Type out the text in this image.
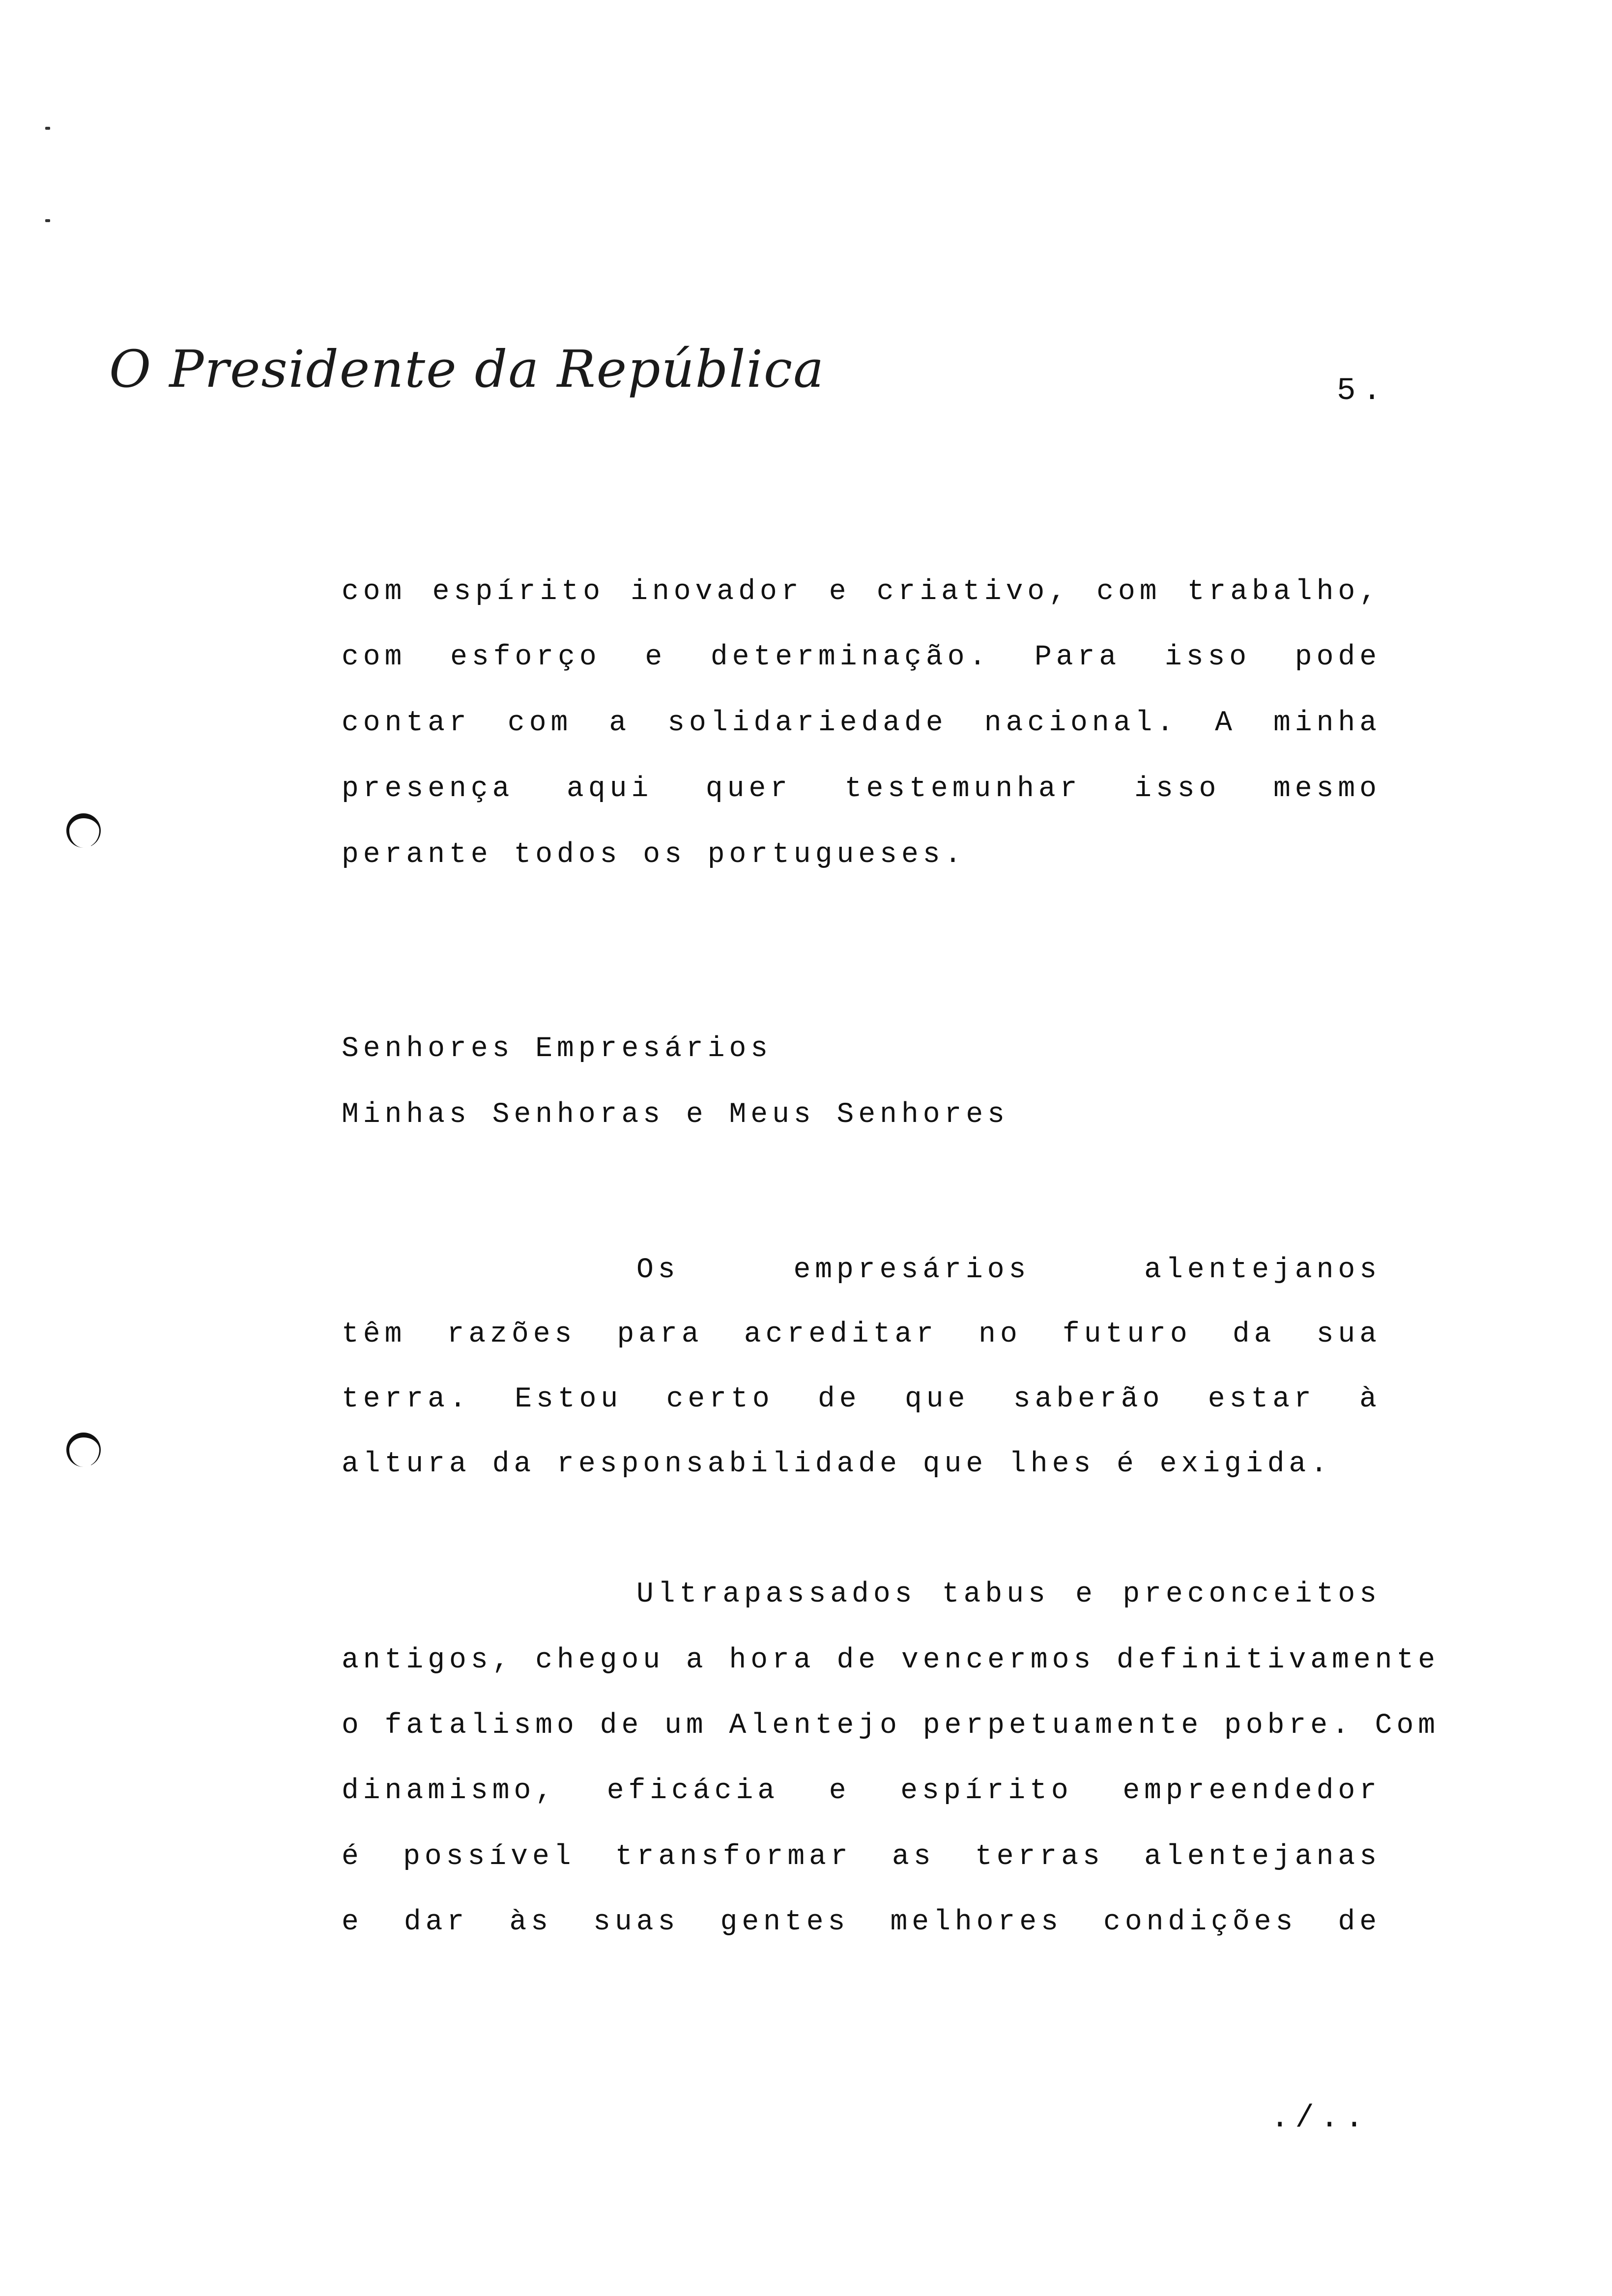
O Presidente da República	5.
com espírito inovador e criativo, com trabalho,
com esforço e determinação. Para isso pode
contar com a solidariedade nacional. A minha
presença aqui quer testemunhar isso mesmo
perante todos os portugueses.
Senhores Empresários
Minhas Senhoras e Meus Senhores
Os empresários alentejanos
têm razões para acreditar no futuro da sua
terra. Estou certo de que saberão estar à
altura da responsabilidade que lhes é exigida.
Ultrapassados tabus e preconceitos
antigos, chegou a hora de vencermos definitivamente
o fatalismo de um Alentejo perpetuamente pobre. Com
dinamismo, eficácia e espírito empreendedor
é possível transformar as terras alentejanas
e dar às suas gentes melhores condições de
./..
